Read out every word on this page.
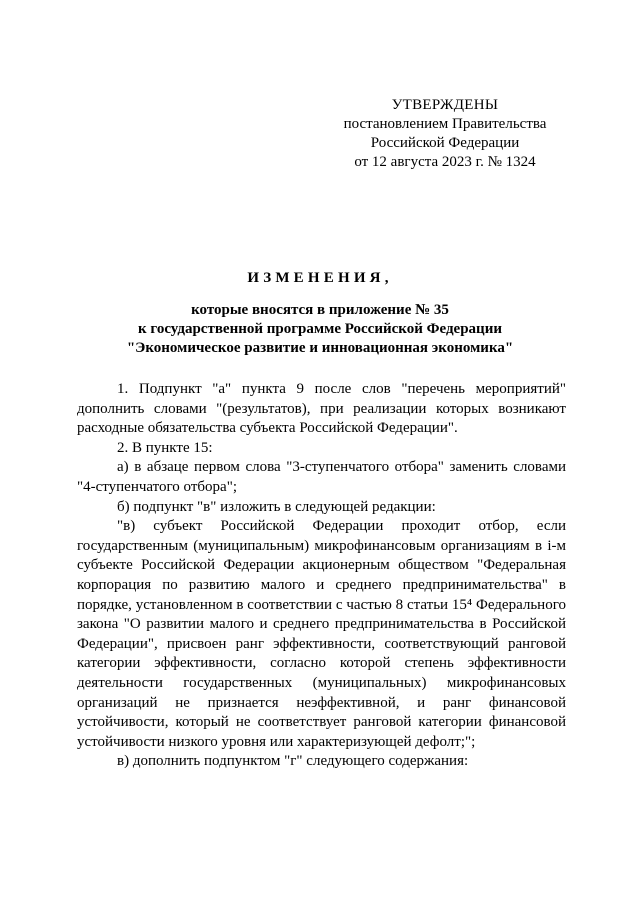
УТВЕРЖДЕНЫ
постановлением Правительства
Российской Федерации
от 12 августа 2023 г. № 1324
ИЗМЕНЕНИЯ,
которые вносятся в приложение № 35
к государственной программе Российской Федерации
"Экономическое развитие и инновационная экономика"

1. Подпункт "а" пункта 9 после слов "перечень мероприятий" дополнить словами "(результатов), при реализации которых возникают расходные обязательства субъекта Российской Федерации".

2. В пункте 15:

а) в абзаце первом слова "3-ступенчатого отбора" заменить словами "4-ступенчатого отбора";

б) подпункт "в" изложить в следующей редакции:

"в) субъект Российской Федерации проходит отбор, если государственным (муниципальным) микрофинансовым организациям в i-м субъекте Российской Федерации акционерным обществом "Федеральная корпорация по развитию малого и среднего предпринимательства" в порядке, установленном в соответствии с частью 8 статьи 15⁴ Федерального закона "О развитии малого и среднего предпринимательства в Российской Федерации", присвоен ранг эффективности, соответствующий ранговой категории эффективности, согласно которой степень эффективности деятельности государственных (муниципальных) микрофинансовых организаций не признается неэффективной, и ранг финансовой устойчивости, который не соответствует ранговой категории финансовой устойчивости низкого уровня или характеризующей дефолт;";

в) дополнить подпунктом "г" следующего содержания:
